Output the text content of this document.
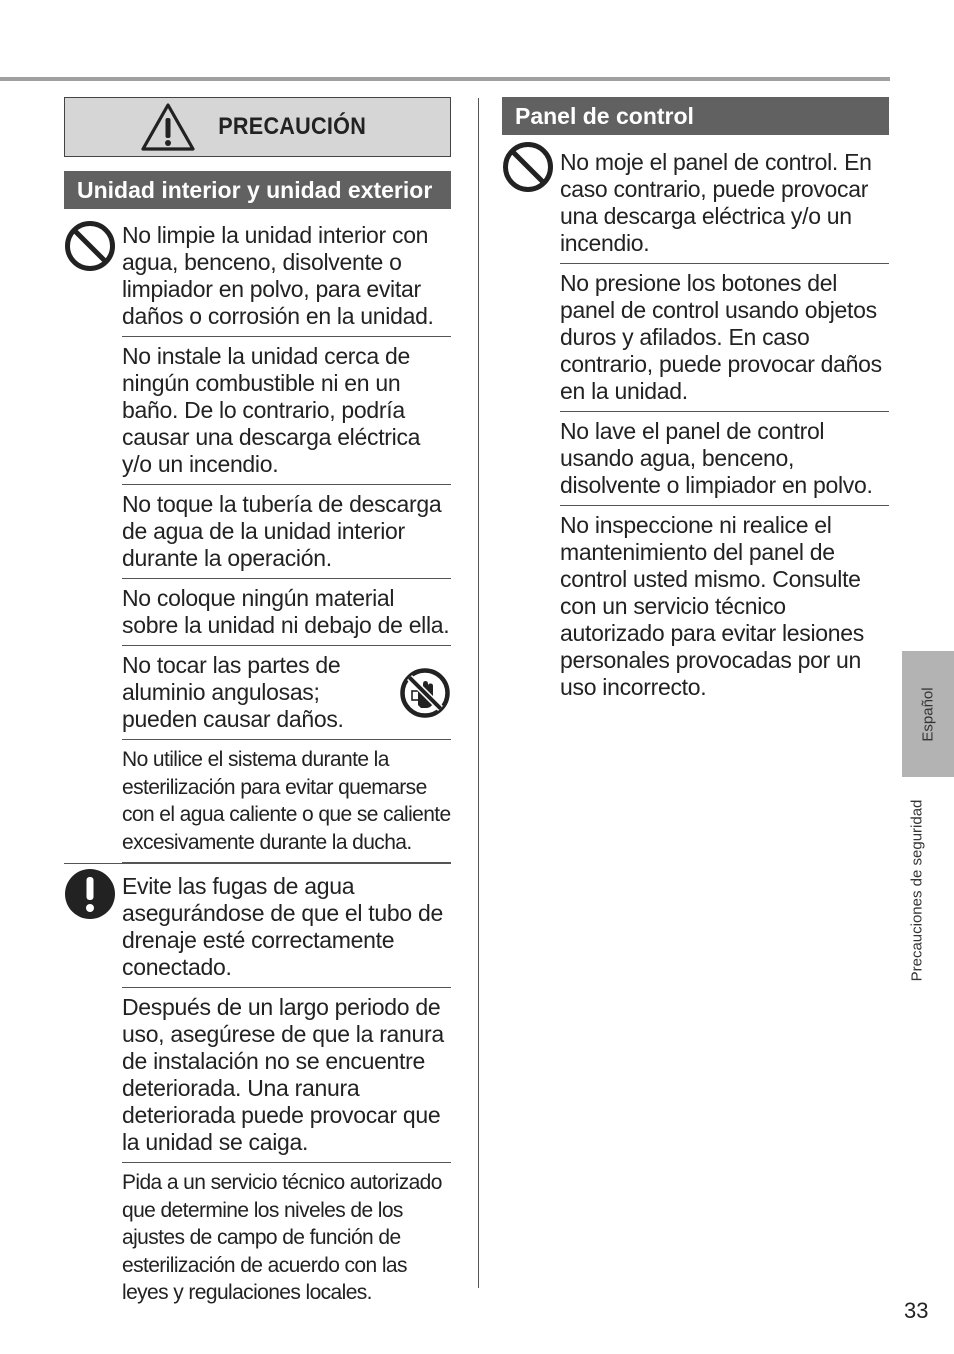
PRECAUCIÓN
Unidad interior y unidad exterior
No limpie la unidad interior con agua, benceno, disolvente o limpiador en polvo, para evitar daños o corrosión en la unidad.
No instale la unidad cerca de ningún combustible ni en un baño. De lo contrario, podría causar una descarga eléctrica y/o un incendio.
No toque la tubería de descarga de agua de la unidad interior durante la operación.
No coloque ningún material sobre la unidad ni debajo de ella.
No tocar las partes de aluminio angulosas; pueden causar daños.
No utilice el sistema durante la esterilización para evitar quemarse con el agua caliente o que se caliente excesivamente durante la ducha.
Evite las fugas de agua asegurándose de que el tubo de drenaje esté correctamente conectado.
Después de un largo periodo de uso, asegúrese de que la ranura de instalación no se encuentre deteriorada. Una ranura deteriorada puede provocar que la unidad se caiga.
Pida a un servicio técnico autorizado que determine los niveles de los ajustes de campo de función de esterilización de acuerdo con las leyes y regulaciones locales.
Panel de control
No moje el panel de control. En caso contrario, puede provocar una descarga eléctrica y/o un incendio.
No presione los botones del panel de control usando objetos duros y afilados. En caso contrario, puede provocar daños en la unidad.
No lave el panel de control usando agua, benceno, disolvente o limpiador en polvo.
No inspeccione ni realice el mantenimiento del panel de control usted mismo. Consulte con un servicio técnico autorizado para evitar lesiones personales provocadas por un uso incorrecto.	Español
Precauciones de seguridad
33
